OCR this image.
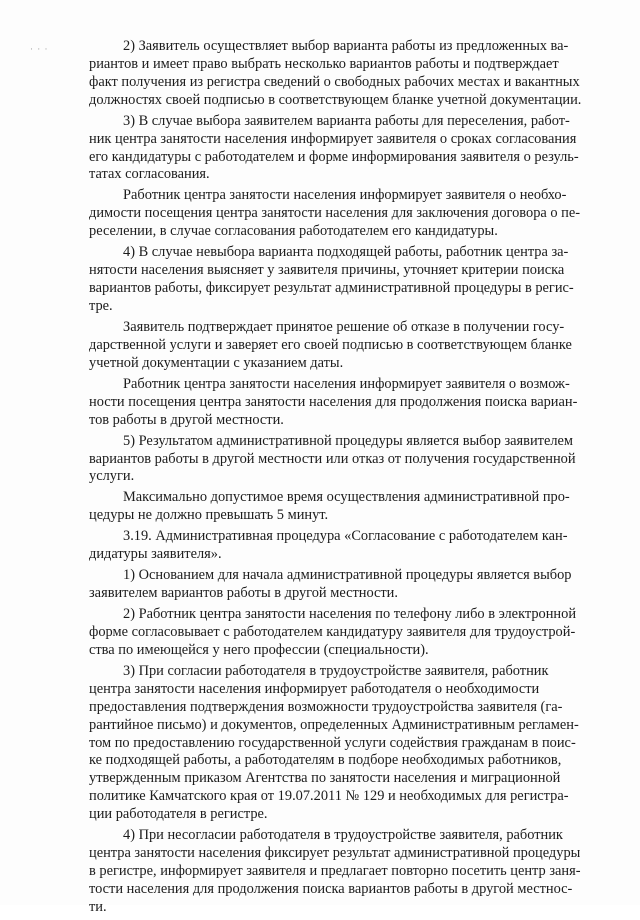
· · ·	2) Заявитель осуществляет выбор варианта работы из предложенных ва-
риантов и имеет право выбрать несколько вариантов работы и подтверждает
факт получения из регистра сведений о свободных рабочих местах и вакантных
должностях своей подписью в соответствующем бланке учетной документации.

3) В случае выбора заявителем варианта работы для переселения, работ-
ник центра занятости населения информирует заявителя о сроках согласования
его кандидатуры с работодателем и форме информирования заявителя о резуль-
татах согласования.

Работник центра занятости населения информирует заявителя о необхо-
димости посещения центра занятости населения для заключения договора о пе-
реселении, в случае согласования работодателем его кандидатуры.

4) В случае невыбора варианта подходящей работы, работник центра за-
нятости населения выясняет у заявителя причины, уточняет критерии поиска
вариантов работы, фиксирует результат административной процедуры в регис-
тре.

Заявитель подтверждает принятое решение об отказе в получении госу-
дарственной услуги и заверяет его своей подписью в соответствующем бланке
учетной документации с указанием даты.

Работник центра занятости населения информирует заявителя о возмож-
ности посещения центра занятости населения для продолжения поиска вариан-
тов работы в другой местности.

5) Результатом административной процедуры является выбор заявителем
вариантов работы в другой местности или отказ от получения государственной
услуги.

Максимально допустимое время осуществления административной про-
цедуры не должно превышать 5 минут.

3.19. Административная процедура «Согласование с работодателем кан-
дидатуры заявителя».

1) Основанием для начала административной процедуры является выбор
заявителем вариантов работы в другой местности.

2) Работник центра занятости населения по телефону либо в электронной
форме согласовывает с работодателем кандидатуру заявителя для трудоустрой-
ства по имеющейся у него профессии (специальности).

3) При согласии работодателя в трудоустройстве заявителя, работник
центра занятости населения информирует работодателя о необходимости
предоставления подтверждения возможности трудоустройства заявителя (га-
рантийное письмо) и документов, определенных Административным регламен-
том по предоставлению государственной услуги содействия гражданам в поис-
ке подходящей работы, а работодателям в подборе необходимых работников,
утвержденным приказом Агентства по занятости населения и миграционной
политике Камчатского края от 19.07.2011 № 129 и необходимых для регистра-
ции работодателя в регистре.

4) При несогласии работодателя в трудоустройстве заявителя, работник
центра занятости населения фиксирует результат административной процедуры
в регистре, информирует заявителя и предлагает повторно посетить центр заня-
тости населения для продолжения поиска вариантов работы в другой местнос-
ти.
